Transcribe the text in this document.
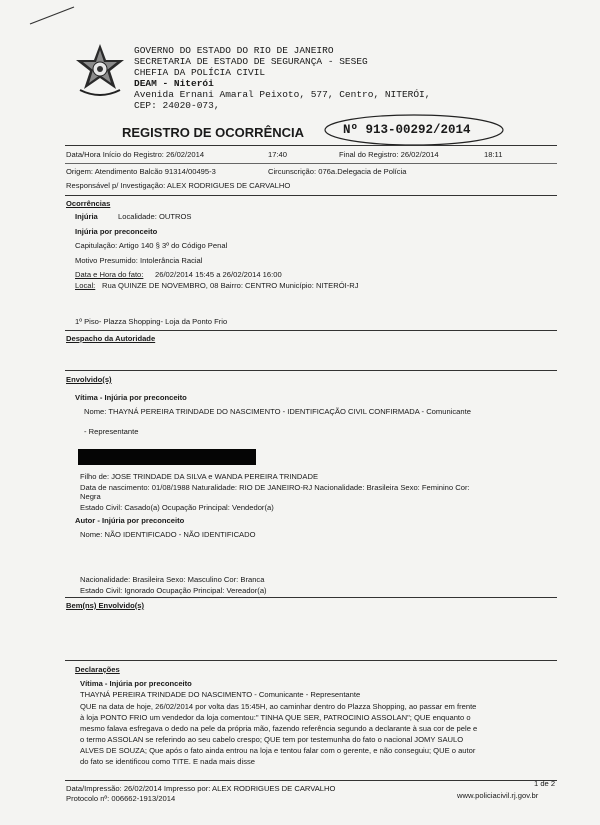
GOVERNO DO ESTADO DO RIO DE JANEIRO
SECRETARIA DE ESTADO DE SEGURANÇA - SESEG
CHEFIA DA POLÍCIA CIVIL
DEAM - Niterói
Avenida Ernani Amaral Peixoto, 577, Centro, NITERÓI,
CEP: 24020-073,
REGISTRO DE OCORRÊNCIA	Nº 913-00292/2014
Data/Hora Início do Registro: 26/02/2014	17:40	Final do Registro: 26/02/2014	18:11
Origem: Atendimento Balcão 91314/00495-3	Circunscrição: 076a.Delegacia de Polícia
Responsável p/ Investigação: ALEX RODRIGUES DE CARVALHO
Ocorrências
Injúria	Localidade: OUTROS
Injúria por preconceito
Capitulação: Artigo 140 § 3º do Código Penal
Motivo Presumido: Intolerância Racial
Data e Hora do fato: 26/02/2014 15:45 a 26/02/2014 16:00
Local: Rua QUINZE DE NOVEMBRO, 08 Bairro: CENTRO Município: NITERÓI-RJ
1º Piso- Plazza Shopping- Loja da Ponto Frio
Despacho da Autoridade
Envolvido(s)
Vítima - Injúria por preconceito
Nome: THAYNÁ PEREIRA TRINDADE DO NASCIMENTO - IDENTIFICAÇÃO CIVIL CONFIRMADA - Comunicante
- Representante
Filho de: JOSE TRINDADE DA SILVA e WANDA PEREIRA TRINDADE
Data de nascimento: 01/08/1988 Naturalidade: RIO DE JANEIRO-RJ Nacionalidade: Brasileira Sexo: Feminino Cor:
Negra
Estado Civil: Casado(a) Ocupação Principal: Vendedor(a)
Autor - Injúria por preconceito
Nome: NÃO IDENTIFICADO - NÃO IDENTIFICADO
Nacionalidade: Brasileira Sexo: Masculino Cor: Branca
Estado Civil: Ignorado Ocupação Principal: Vereador(a)
Bem(ns) Envolvido(s)
Declarações
Vítima - Injúria por preconceito
THAYNÁ PEREIRA TRINDADE DO NASCIMENTO - Comunicante - Representante
QUE na data de hoje, 26/02/2014 por volta das 15:45H, ao caminhar dentro do Plazza Shopping, ao passar em frente
à loja PONTO FRIO um vendedor da loja comentou:" TINHA QUE SER, PATROCINIO ASSOLAN"; QUE enquanto o
mesmo falava esfregava o dedo na pele da própria mão, fazendo referência segundo a declarante à sua cor de pele e
o termo ASSOLAN se referindo ao seu cabelo crespo; QUE tem por testemunha do fato o nacional JOMY SAULO
ALVES DE SOUZA; Que após o fato ainda entrou na loja e tentou falar com o gerente, e não conseguiu; QUE o autor
do fato se identificou como TITE. E nada mais disse
Data/Impressão: 26/02/2014 Impresso por: ALEX RODRIGUES DE CARVALHO
Protocolo nº: 006662-1913/2014
1 de 2
www.policiacivil.rj.gov.br
